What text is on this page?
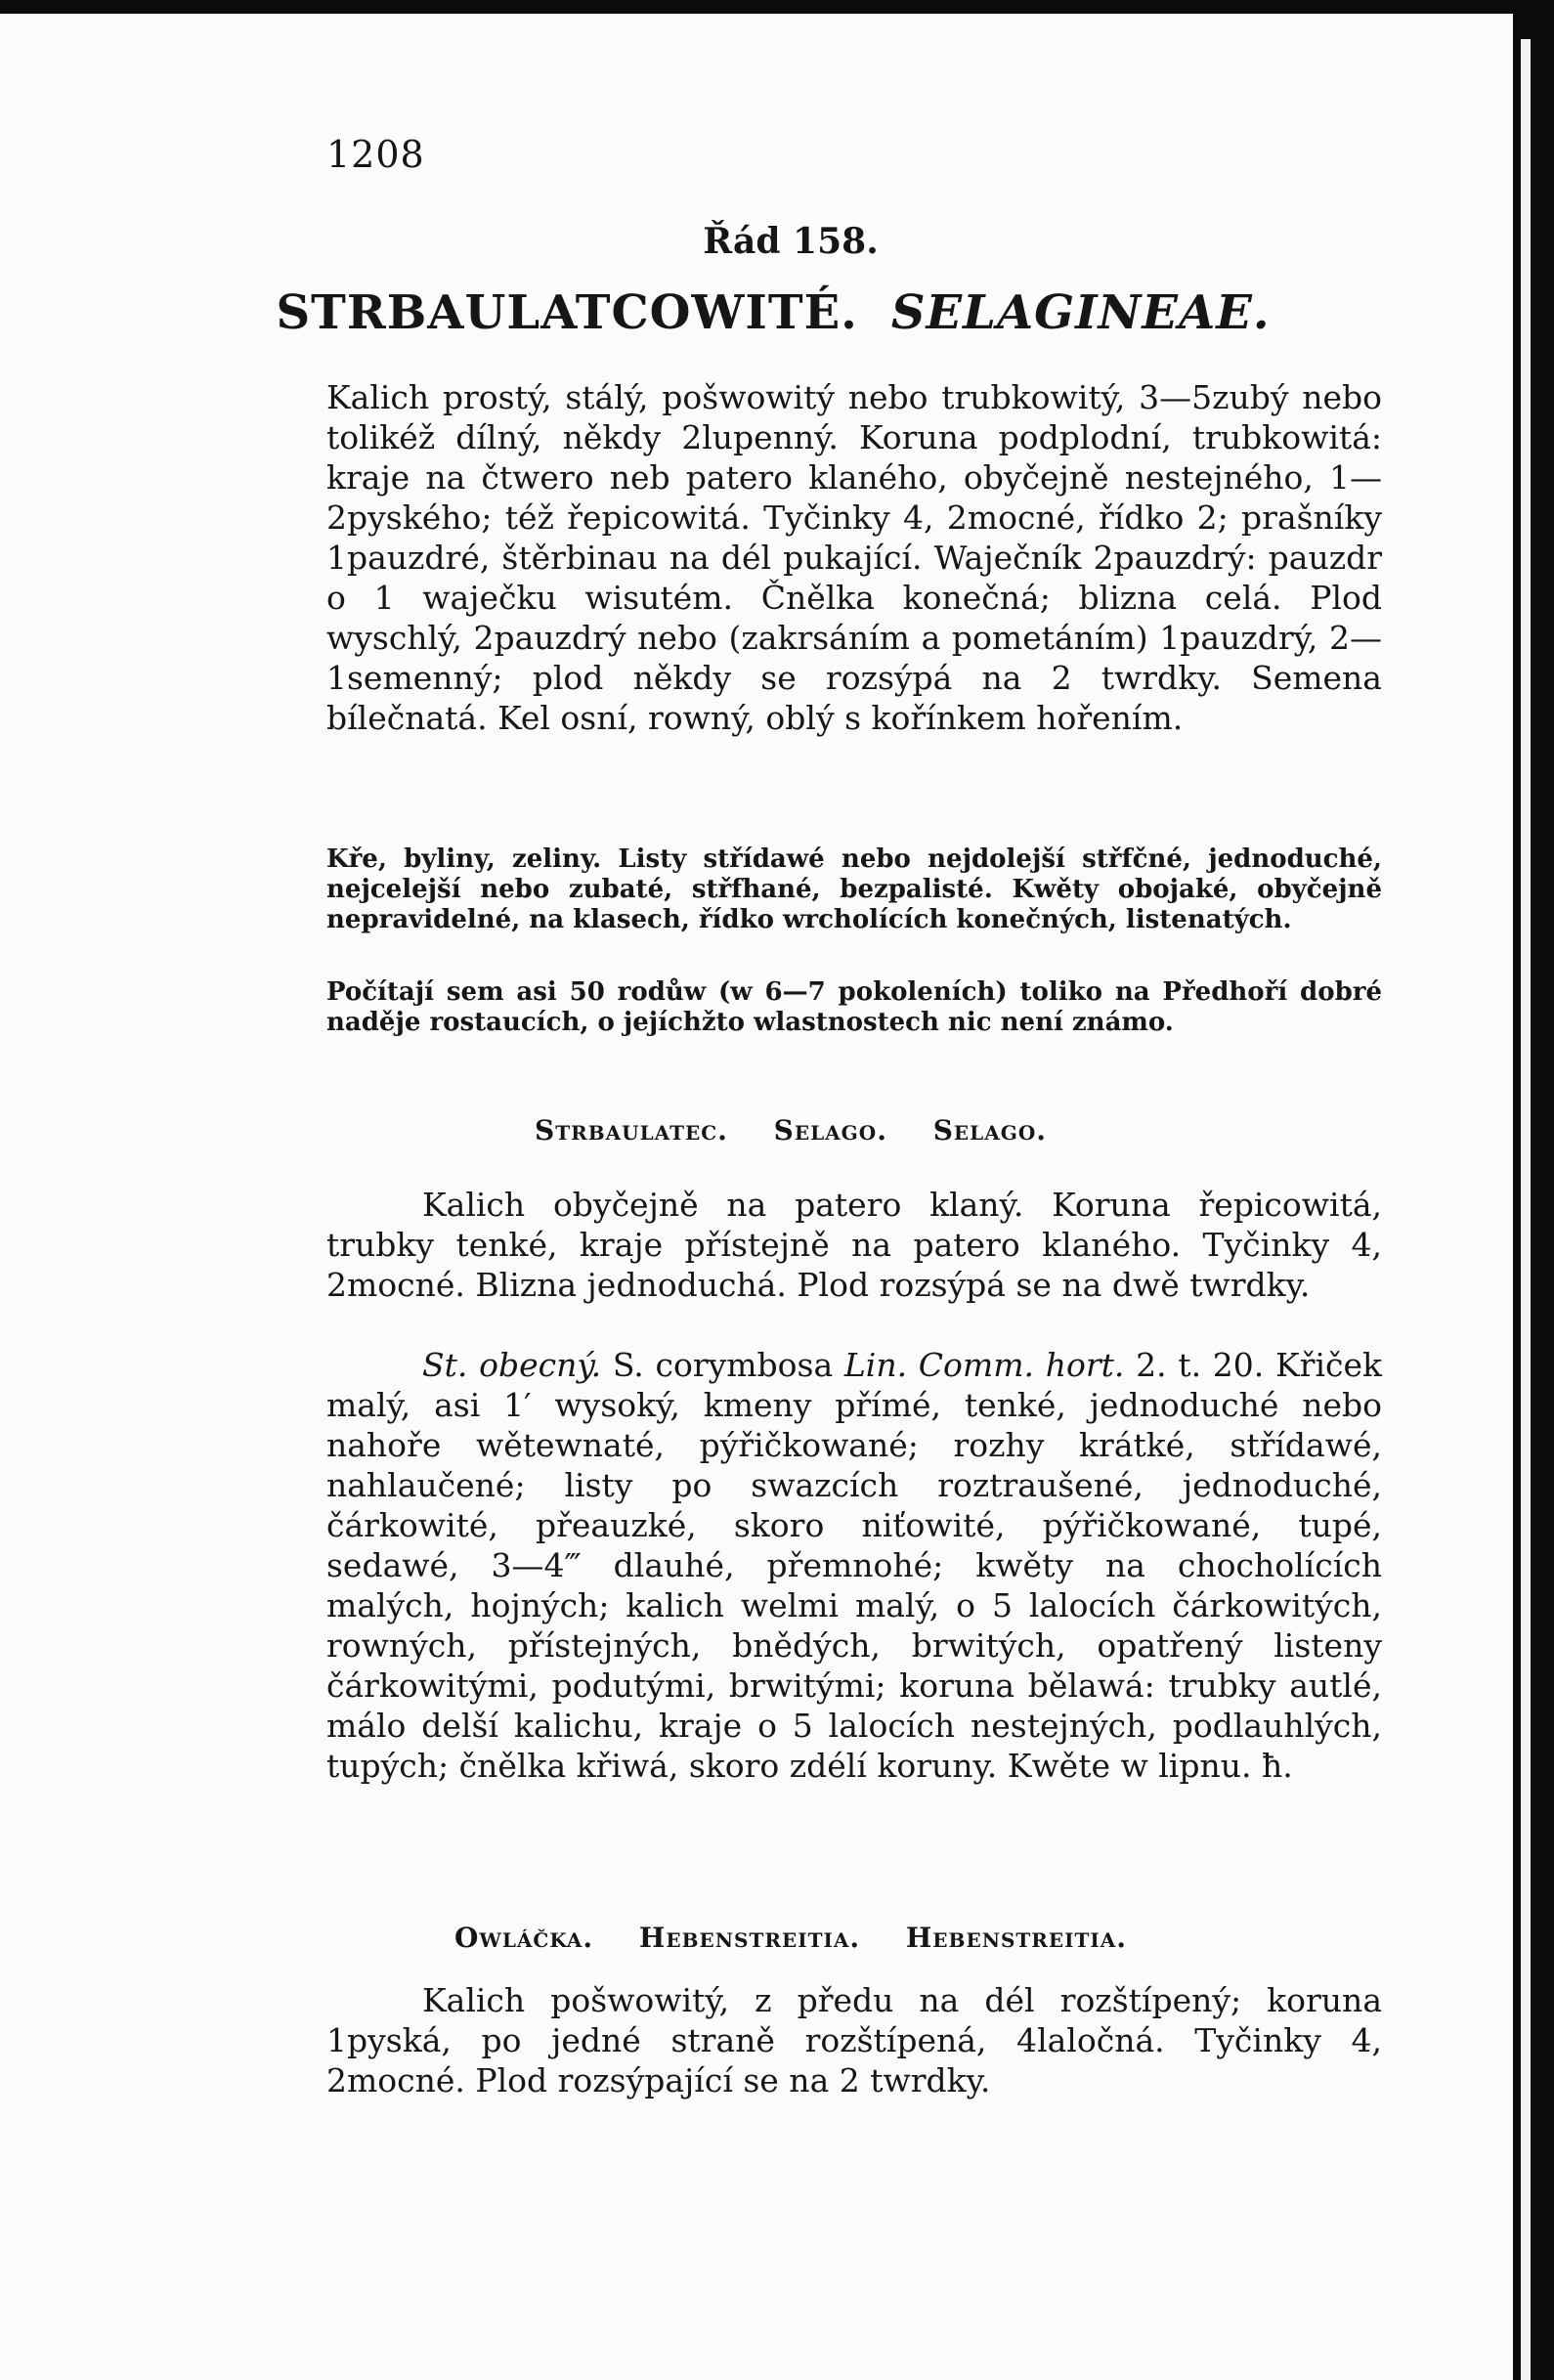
1208
Řád 158.
STRBAULATCOWITÉ. SELAGINEAE.

Kalich prostý, stálý, pošwowitý nebo trubkowitý, 3—5zubý nebo tolikéž dílný, někdy 2lupenný. Koruna podplodní, trubkowitá: kraje na čtwero neb patero klaného, obyčejně nestejného, 1—2pyského; též řepicowitá. Tyčinky 4, 2mocné, řídko 2; prašníky 1pauzdré, štěrbinau na dél pukající. Waječník 2pauzdrý: pauzdr o 1 waječku wisutém. Čnělka konečná; blizna celá. Plod wyschlý, 2pauzdrý nebo (zakrsáním a pometáním) 1pauzdrý, 2—1semenný; plod někdy se rozsýpá na 2 twrdky. Semena bílečnatá. Kel osní, rowný, oblý s kořínkem hořením.

Kře, byliny, zeliny. Listy střídawé nebo nejdolejší střfčné, jednoduché, nejcelejší nebo zubaté, střfhané, bezpalisté. Kwěty obojaké, obyčejně nepravidelné, na klasech, řídko wrcholících konečných, listenatých.

Počítají sem asi 50 rodůw (w 6—7 pokoleních) toliko na Předhoří dobré naděje rostaucích, o jejíchžto wlastnostech nic není známo.

Strbaulatec. Selago. Selago.

Kalich obyčejně na patero klaný. Koruna řepicowitá, trubky tenké, kraje přístejně na patero klaného. Tyčinky 4, 2mocné. Blizna jednoduchá. Plod rozsýpá se na dwě twrdky.

St. obecný. S. corymbosa Lin. Comm. hort. 2. t. 20. Křiček malý, asi 1′ wysoký, kmeny přímé, tenké, jednoduché nebo nahoře wětewnaté, pýřičkowané; rozhy krátké, střídawé, nahlaučené; listy po swazcích roztraušené, jednoduché, čárkowité, přeauzké, skoro niťowité, pýřičkowané, tupé, sedawé, 3—4‴ dlauhé, přemnohé; kwěty na chocholících malých, hojných; kalich welmi malý, o 5 lalocích čárkowitých, rowných, přístejných, bnědých, brwitých, opatřený listeny čárkowitými, podutými, brwitými; koruna bělawá: trubky autlé, málo delší kalichu, kraje o 5 lalocích nestejných, podlauhlých, tupých; čnělka křiwá, skoro zdélí koruny. Kwěte w lipnu. ħ.

Owláčka. Hebenstreitia. Hebenstreitia.

Kalich pošwowitý, z předu na dél rozštípený; koruna 1pyská, po jedné straně rozštípená, 4laločná. Tyčinky 4, 2mocné. Plod rozsýpající se na 2 twrdky.
